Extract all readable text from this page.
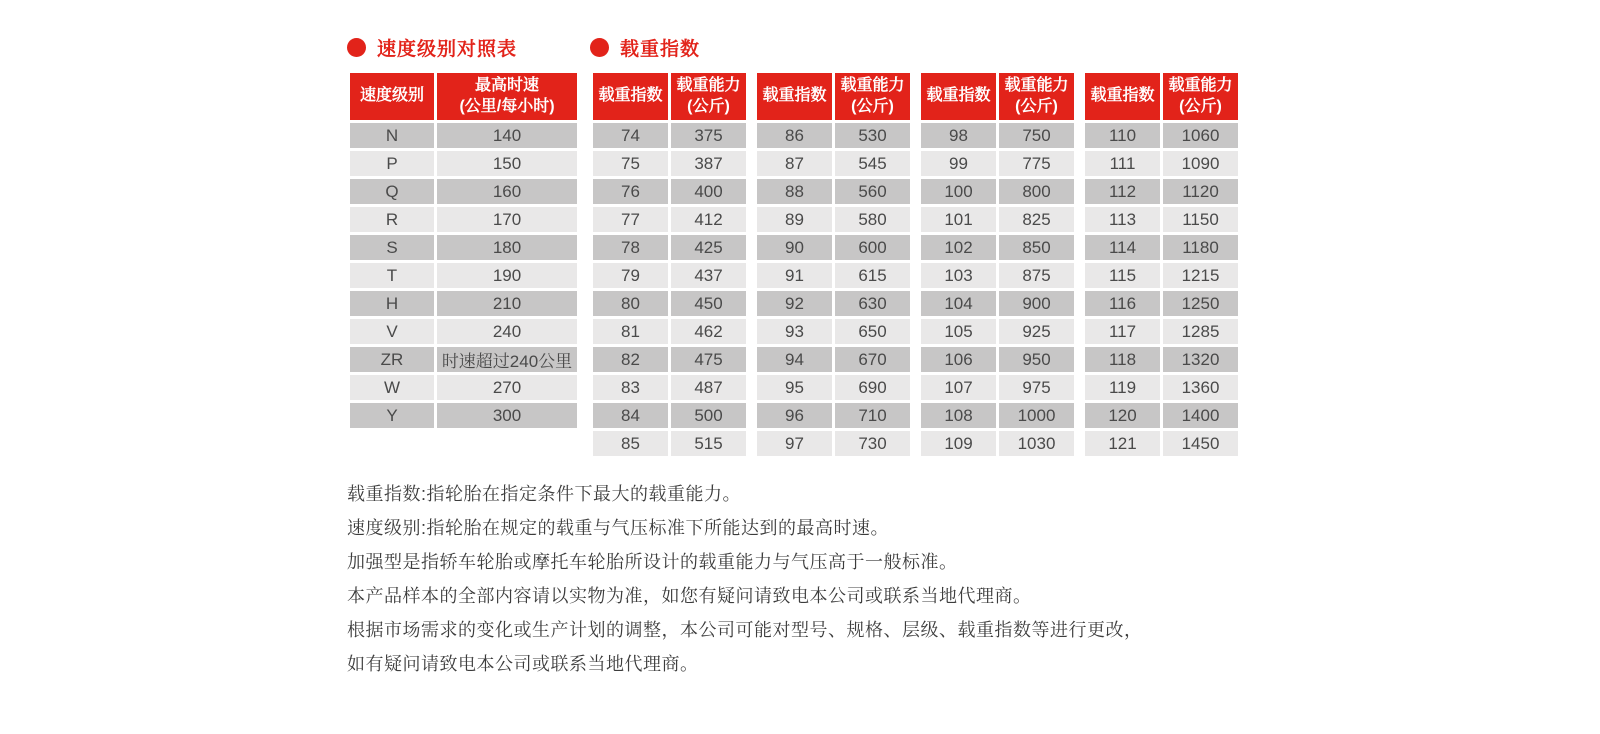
速度级别对照表
速度级别	最高时速
(公里/每小时)
N	140
P	150
Q	160
R	170
S	180
T	190
H	210
V	240
ZR	时速超过240公里
W	270
Y	300
载重指数
载重指数	载重能力
(公斤)
74	375
75	387
76	400
77	412
78	425
79	437
80	450
81	462
82	475
83	487
84	500
85	515
载重指数	载重能力
(公斤)
86	530
87	545
88	560
89	580
90	600
91	615
92	630
93	650
94	670
95	690
96	710
97	730
载重指数	载重能力
(公斤)
98	750
99	775
100	800
101	825
102	850
103	875
104	900
105	925
106	950
107	975
108	1000
109	1030
载重指数	载重能力
(公斤)
110	1060
111	1090
112	1120
113	1150
114	1180
115	1215
116	1250
117	1285
118	1320
119	1360
120	1400
121	1450

载重指数:指轮胎在指定条件下最大的载重能力。

速度级别:指轮胎在规定的载重与气压标准下所能达到的最高时速。

加强型是指轿车轮胎或摩托车轮胎所设计的载重能力与气压高于一般标准。

本产品样本的全部内容请以实物为准，如您有疑问请致电本公司或联系当地代理商。

根据市场需求的变化或生产计划的调整，本公司可能对型号、规格、层级、载重指数等进行更改，

如有疑问请致电本公司或联系当地代理商。
